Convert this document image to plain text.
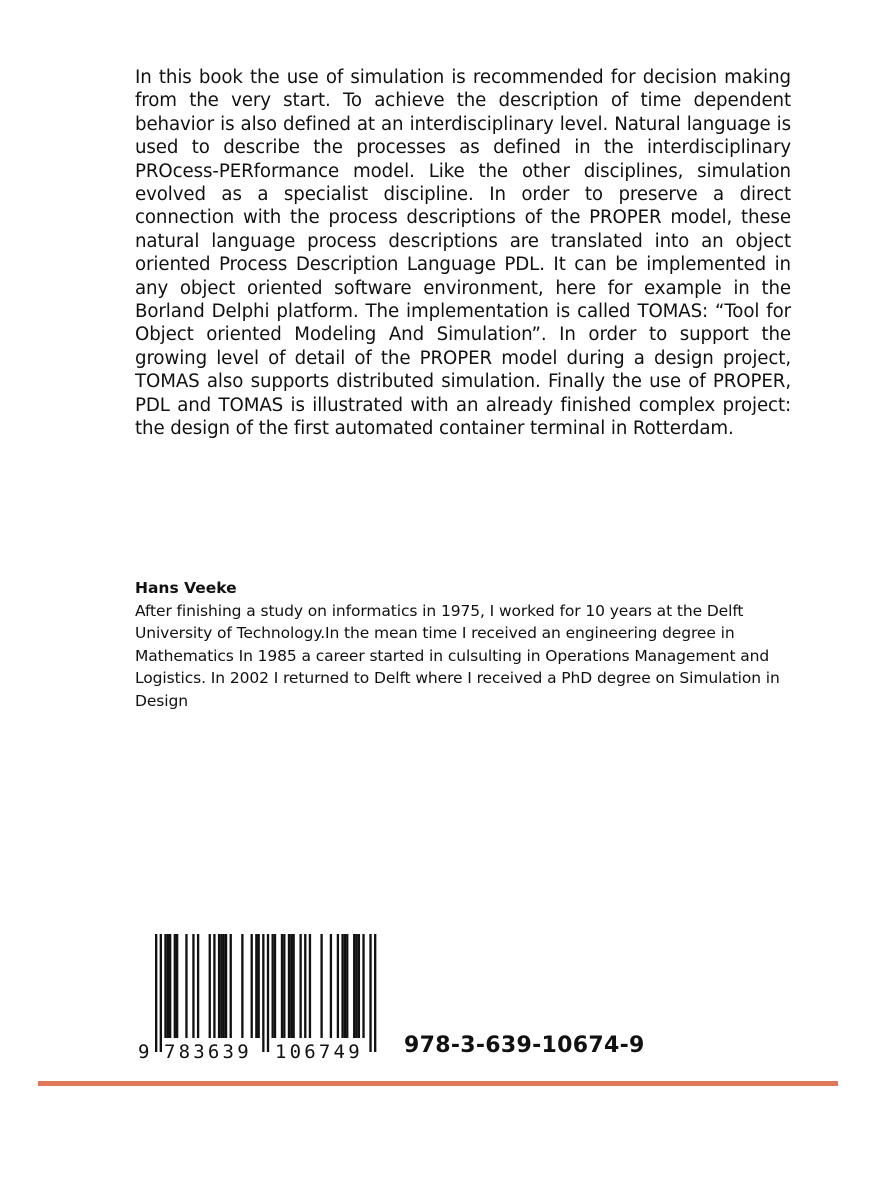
In this book the use of simulation is recommended for decision making from the very start. To achieve the description of time dependent behavior is also defined at an interdisciplinary level. Natural language is used to describe the processes as defined in the interdisciplinary PROcess-PERformance model. Like the other disciplines, simulation evolved as a specialist discipline. In order to preserve a direct connection with the process descriptions of the PROPER model, these natural language process descriptions are translated into an object oriented Process Description Language PDL. It can be implemented in any object oriented software environment, here for example in the Borland Delphi platform. The implementation is called TOMAS: “Tool for Object oriented Modeling And Simulation”. In order to support the growing level of detail of the PROPER model during a design project, TOMAS also supports distributed simulation. Finally the use of PROPER, PDL and TOMAS is illustrated with an already finished complex project: the design of the first automated container terminal in Rotterdam.

Hans Veeke

After finishing a study on informatics in 1975, I worked for 10 years at the Delft University of Technology.In the mean time I received an engineering degree in Mathematics In 1985 a career started in culsulting in Operations Management and Logistics. In 2002 I returned to Delft where I received a PhD degree on Simulation in Design

9 783639 106749 978-3-639-10674-9
